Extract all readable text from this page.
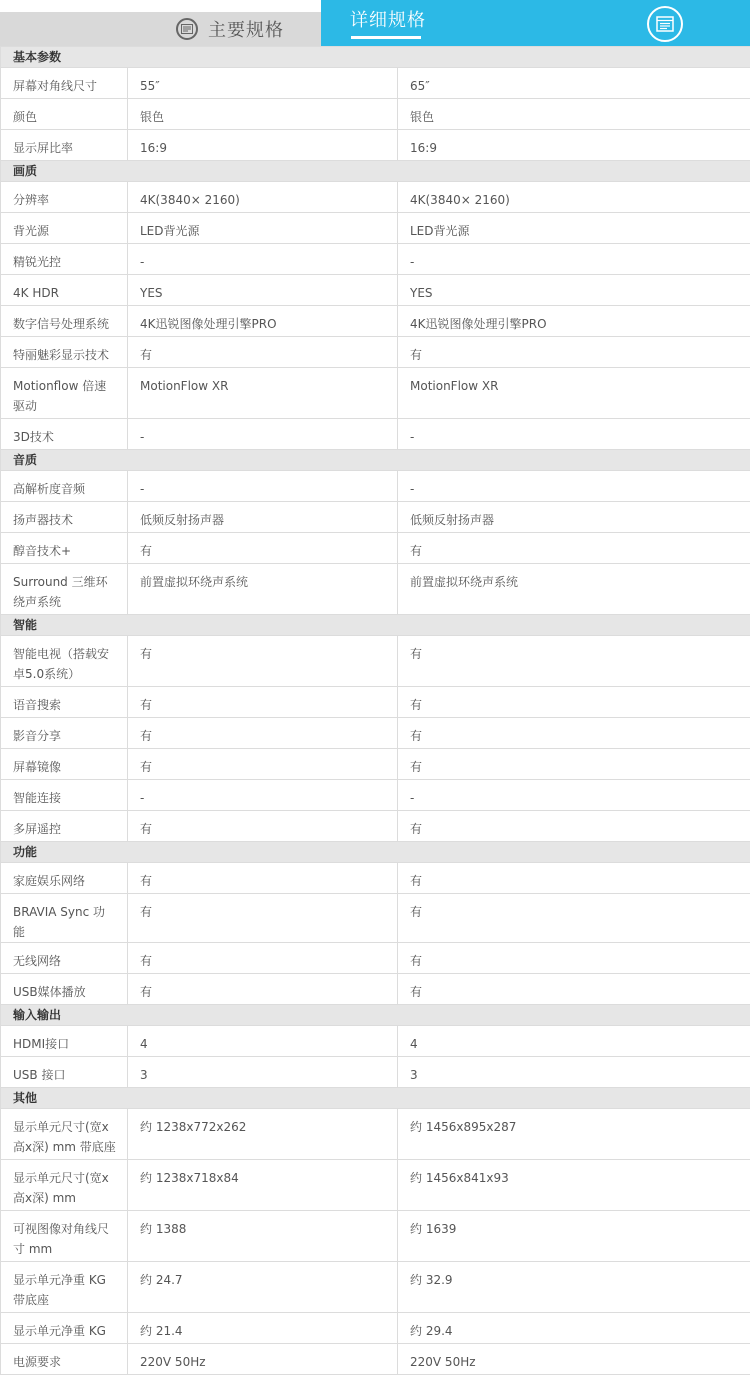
主要规格	详细规格
基本参数		
屏幕对角线尺寸	55″	65″
颜色	银色	银色
显示屏比率	16:9	16:9
画质		
分辨率	4K(3840× 2160)	4K(3840× 2160)
背光源	LED背光源	LED背光源
精锐光控	-	-
4K HDR	YES	YES
数字信号处理系统	4K迅锐图像处理引擎PRO	4K迅锐图像处理引擎PRO
特丽魅彩显示技术	有	有
Motionflow 倍速驱动	MotionFlow XR	MotionFlow XR
3D技术	-	-
音质		
高解析度音频	-	-
扬声器技术	低频反射扬声器	低频反射扬声器
醇音技术+	有	有
Surround 三维环绕声系统	前置虚拟环绕声系统	前置虚拟环绕声系统
智能		
智能电视（搭载安卓5.0系统）	有	有
语音搜索	有	有
影音分享	有	有
屏幕镜像	有	有
智能连接	-	-
多屏遥控	有	有
功能		
家庭娱乐网络	有	有
BRAVIA Sync 功能	有	有
无线网络	有	有
USB媒体播放	有	有
输入输出		
HDMI接口	4	4
USB 接口	3	3
其他		
显示单元尺寸(宽x高x深) mm 带底座	约 1238x772x262	约 1456x895x287
显示单元尺寸(宽x高x深) mm	约 1238x718x84	约 1456x841x93
可视图像对角线尺寸 mm	约 1388	约 1639
显示单元净重 KG 带底座	约 24.7	约 32.9
显示单元净重 KG	约 21.4	约 29.4
电源要求	220V 50Hz	220V 50Hz
